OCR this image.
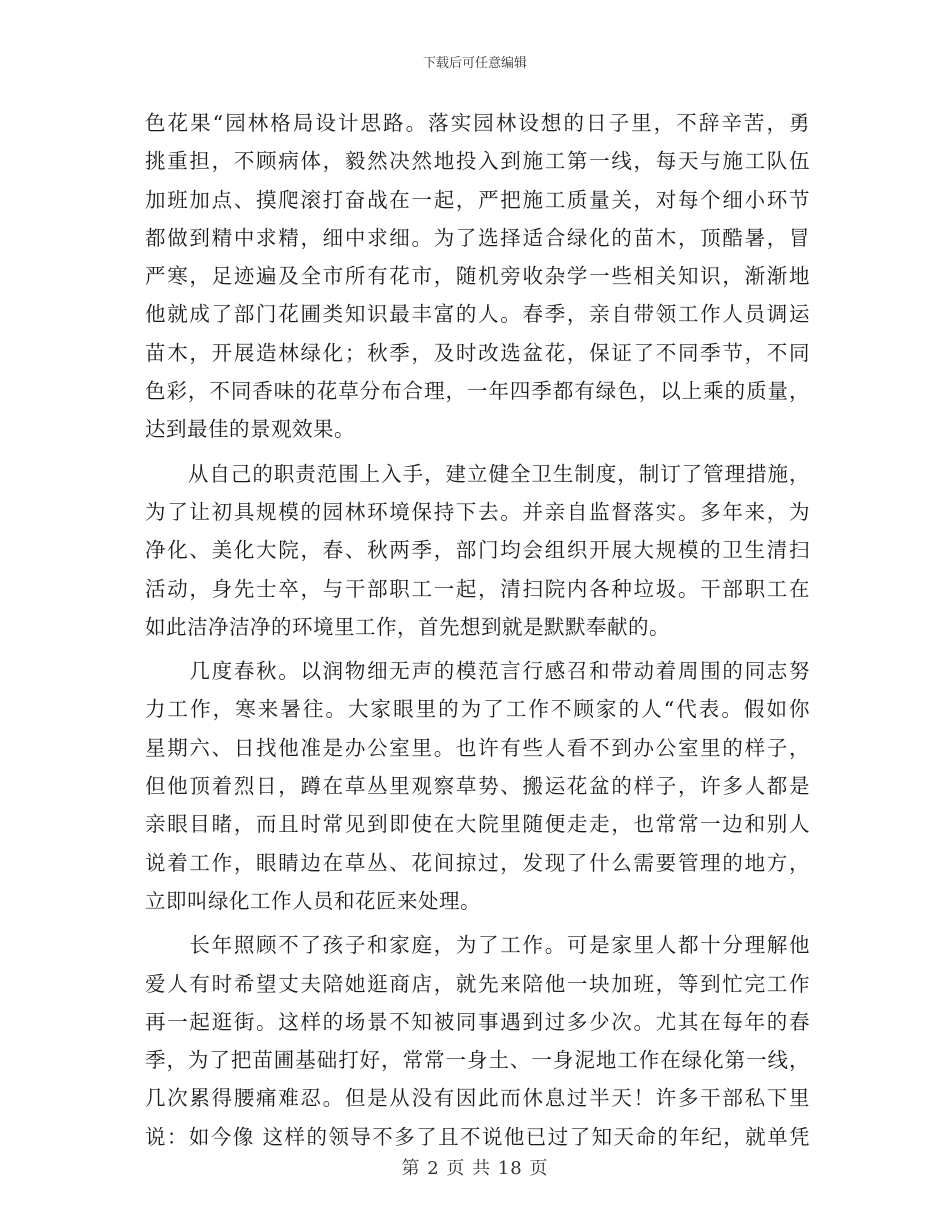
下载后可任意编辑
色花果“园林格局设计思路。落实园林设想的日子里，不辞辛苦，勇
挑重担，不顾病体，毅然决然地投入到施工第一线，每天与施工队伍
加班加点、摸爬滚打奋战在一起，严把施工质量关，对每个细小环节
都做到精中求精，细中求细。为了选择适合绿化的苗木，顶酷暑，冒
严寒，足迹遍及全市所有花市，随机旁收杂学一些相关知识，渐渐地
他就成了部门花圃类知识最丰富的人。春季，亲自带领工作人员调运
苗木，开展造林绿化；秋季，及时改选盆花，保证了不同季节，不同
色彩，不同香味的花草分布合理，一年四季都有绿色，以上乘的质量，
达到最佳的景观效果。
　　从自己的职责范围上入手，建立健全卫生制度，制订了管理措施，
为了让初具规模的园林环境保持下去。并亲自监督落实。多年来，为
净化、美化大院，春、秋两季，部门均会组织开展大规模的卫生清扫
活动，身先士卒，与干部职工一起，清扫院内各种垃圾。干部职工在
如此洁净洁净的环境里工作，首先想到就是默默奉献的。
　　几度春秋。以润物细无声的模范言行感召和带动着周围的同志努
力工作，寒来暑往。大家眼里的为了工作不顾家的人“代表。假如你
星期六、日找他准是办公室里。也许有些人看不到办公室里的样子，
但他顶着烈日，蹲在草丛里观察草势、搬运花盆的样子，许多人都是
亲眼目睹，而且时常见到即使在大院里随便走走，也常常一边和别人
说着工作，眼睛边在草丛、花间掠过，发现了什么需要管理的地方，
立即叫绿化工作人员和花匠来处理。
　　长年照顾不了孩子和家庭，为了工作。可是家里人都十分理解他
爱人有时希望丈夫陪她逛商店，就先来陪他一块加班，等到忙完工作
再一起逛街。这样的场景不知被同事遇到过多少次。尤其在每年的春
季，为了把苗圃基础打好，常常一身土、一身泥地工作在绿化第一线，
几次累得腰痛难忍。但是从没有因此而休息过半天！许多干部私下里
说：如今像 这样的领导不多了且不说他已过了知天命的年纪，就单凭
第 2 页 共 18 页
